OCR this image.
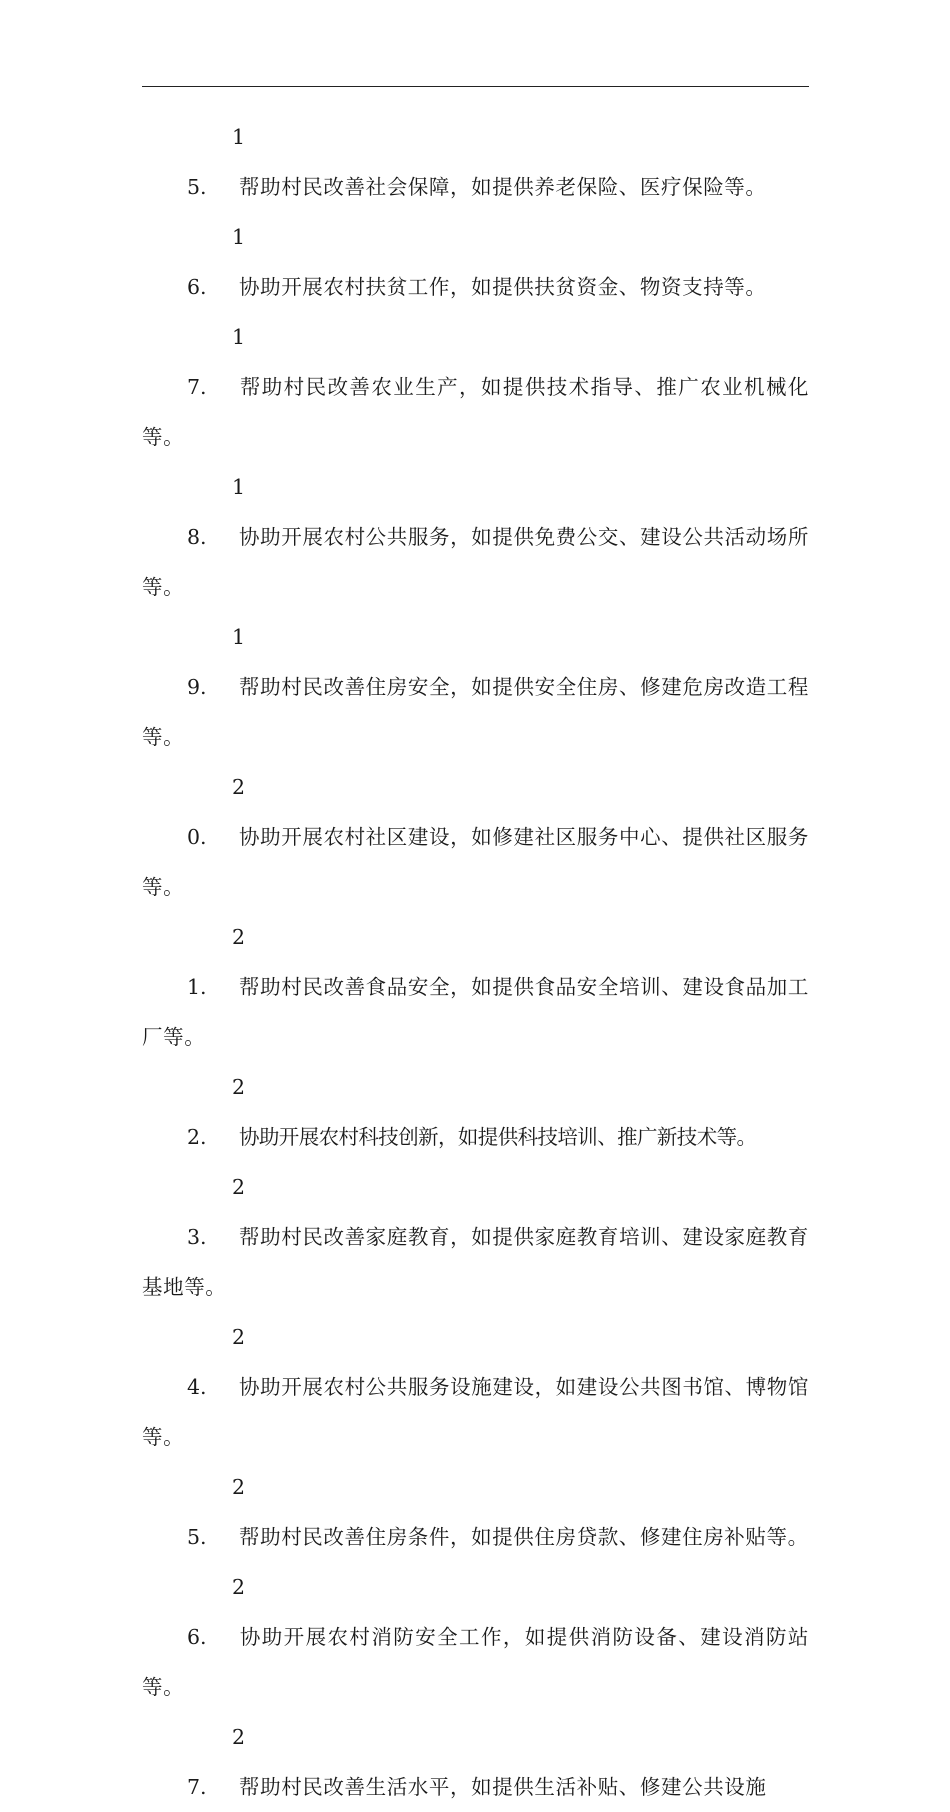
15. 帮助村民改善社会保障，如提供养老保险、医疗保险等。

16. 协助开展农村扶贫工作，如提供扶贫资金、物资支持等。

17. 帮助村民改善农业生产，如提供技术指导、推广农业机械化等。

18. 协助开展农村公共服务，如提供免费公交、建设公共活动场所等。

19. 帮助村民改善住房安全，如提供安全住房、修建危房改造工程等。

20. 协助开展农村社区建设，如修建社区服务中心、提供社区服务等。

21. 帮助村民改善食品安全，如提供食品安全培训、建设食品加工厂等。

22. 协助开展农村科技创新，如提供科技培训、推广新技术等。

23. 帮助村民改善家庭教育，如提供家庭教育培训、建设家庭教育基地等。

24. 协助开展农村公共服务设施建设，如建设公共图书馆、博物馆等。

25. 帮助村民改善住房条件，如提供住房贷款、修建住房补贴等。

26. 协助开展农村消防安全工作，如提供消防设备、建设消防站等。

27. 帮助村民改善生活水平，如提供生活补贴、修建公共设施
